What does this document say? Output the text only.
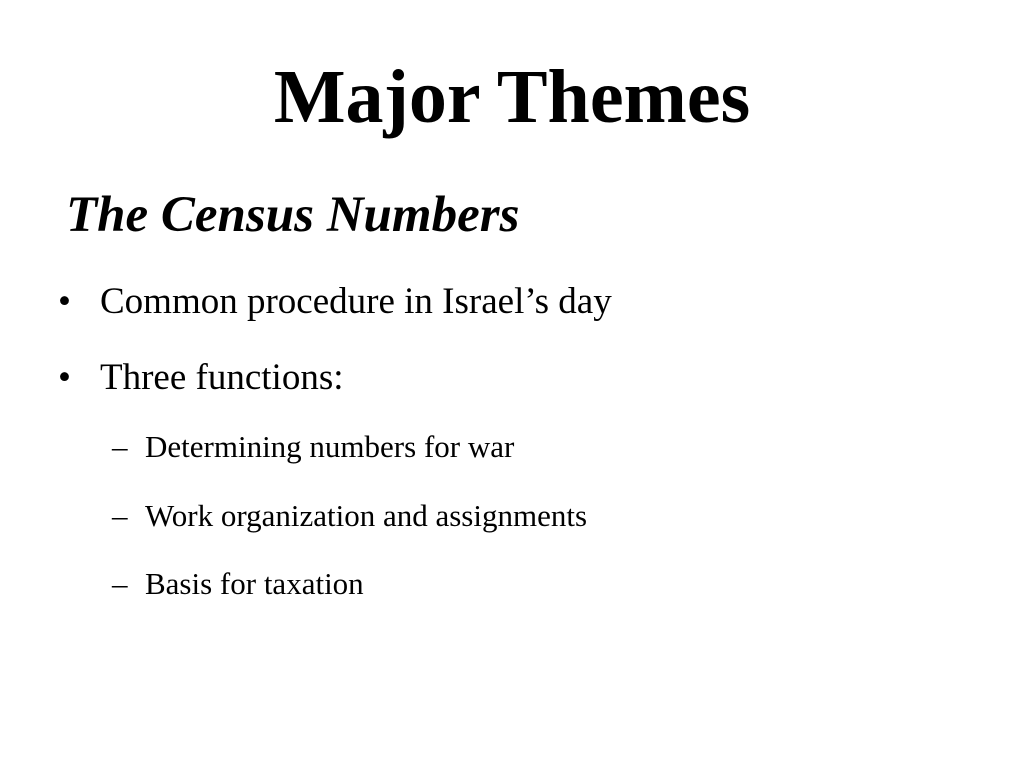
Major Themes
The Census Numbers
• Common procedure in Israel’s day
• Three functions:
– Determining numbers for war
– Work organization and assignments
– Basis for taxation
